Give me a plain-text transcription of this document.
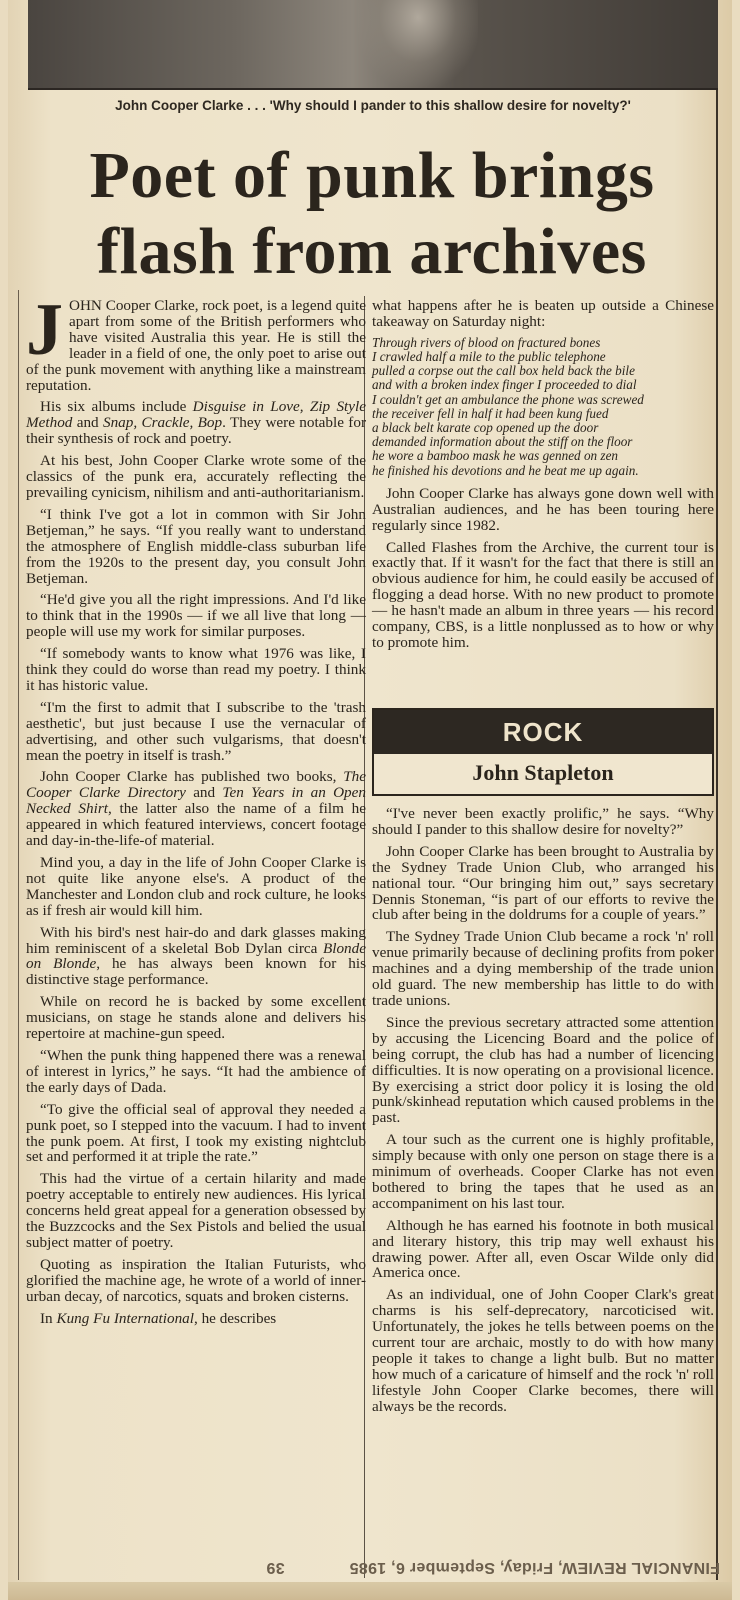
John Cooper Clarke . . . 'Why should I pander to this shallow desire for novelty?'
Poet of punk brings
flash from archives

JOHN Cooper Clarke, rock poet, is a legend quite apart from some of the British performers who have visited Australia this year. He is still the leader in a field of one, the only poet to arise out of the punk movement with anything like a mainstream reputation.

His six albums include Disguise in Love, Zip Style Method and Snap, Crackle, Bop. They were notable for their synthesis of rock and poetry.

At his best, John Cooper Clarke wrote some of the classics of the punk era, accurately reflecting the prevailing cynicism, nihilism and anti-authoritarianism.

“I think I've got a lot in common with Sir John Betjeman,” he says. “If you really want to understand the atmosphere of English middle-class suburban life from the 1920s to the present day, you consult John Betjeman.

“He'd give you all the right impressions. And I'd like to think that in the 1990s — if we all live that long — people will use my work for similar purposes.

“If somebody wants to know what 1976 was like, I think they could do worse than read my poetry. I think it has historic value.

“I'm the first to admit that I subscribe to the 'trash aesthetic', but just because I use the vernacular of advertising, and other such vulgarisms, that doesn't mean the poetry in itself is trash.”

John Cooper Clarke has published two books, The Cooper Clarke Directory and Ten Years in an Open Necked Shirt, the latter also the name of a film he appeared in which featured interviews, concert footage and day-in-the-life-of material.

Mind you, a day in the life of John Cooper Clarke is not quite like anyone else's. A product of the Manchester and London club and rock culture, he looks as if fresh air would kill him.

With his bird's nest hair-do and dark glasses making him reminiscent of a skeletal Bob Dylan circa Blonde on Blonde, he has always been known for his distinctive stage performance.

While on record he is backed by some excellent musicians, on stage he stands alone and delivers his repertoire at machine-gun speed.

“When the punk thing happened there was a renewal of interest in lyrics,” he says. “It had the ambience of the early days of Dada.

“To give the official seal of approval they needed a punk poet, so I stepped into the vacuum. I had to invent the punk poem. At first, I took my existing nightclub set and performed it at triple the rate.”

This had the virtue of a certain hilarity and made poetry acceptable to entirely new audiences. His lyrical concerns held great appeal for a generation obsessed by the Buzzcocks and the Sex Pistols and belied the usual subject matter of poetry.

Quoting as inspiration the Italian Futurists, who glorified the machine age, he wrote of a world of inner-urban decay, of narcotics, squats and broken cisterns.

In Kung Fu International, he describes

what happens after he is beaten up outside a Chinese takeaway on Saturday night:

Through rivers of blood on fractured bones
I crawled half a mile to the public telephone
pulled a corpse out the call box held back the bile
and with a broken index finger I proceeded to dial
I couldn't get an ambulance the phone was screwed
the receiver fell in half it had been kung fued
a black belt karate cop opened up the door
demanded information about the stiff on the floor
he wore a bamboo mask he was genned on zen
he finished his devotions and he beat me up again.

John Cooper Clarke has always gone down well with Australian audiences, and he has been touring here regularly since 1982.

Called Flashes from the Archive, the current tour is exactly that. If it wasn't for the fact that there is still an obvious audience for him, he could easily be accused of flogging a dead horse. With no new product to promote — he hasn't made an album in three years — his record company, CBS, is a little nonplussed as to how or why to promote him.

ROCK
John Stapleton

“I've never been exactly prolific,” he says. “Why should I pander to this shallow desire for novelty?”

John Cooper Clarke has been brought to Australia by the Sydney Trade Union Club, who arranged his national tour. “Our bringing him out,” says secretary Dennis Stoneman, “is part of our efforts to revive the club after being in the doldrums for a couple of years.”

The Sydney Trade Union Club became a rock 'n' roll venue primarily because of declining profits from poker machines and a dying membership of the trade union old guard. The new membership has little to do with trade unions.

Since the previous secretary attracted some attention by accusing the Licencing Board and the police of being corrupt, the club has had a number of licencing difficulties. It is now operating on a provisional licence. By exercising a strict door policy it is losing the old punk/skinhead reputation which caused problems in the past.

A tour such as the current one is highly profitable, simply because with only one person on stage there is a minimum of overheads. Cooper Clarke has not even bothered to bring the tapes that he used as an accompaniment on his last tour.

Although he has earned his footnote in both musical and literary history, this trip may well exhaust his drawing power. After all, even Oscar Wilde only did America once.

As an individual, one of John Cooper Clark's great charms is his self-deprecatory, narcoticised wit. Unfortunately, the jokes he tells between poems on the current tour are archaic, mostly to do with how many people it takes to change a light bulb. But no matter how much of a caricature of himself and the rock 'n' roll lifestyle John Cooper Clarke becomes, there will always be the records.

FINANCIAL REVIEW, Friday, September 6, 1985 39
